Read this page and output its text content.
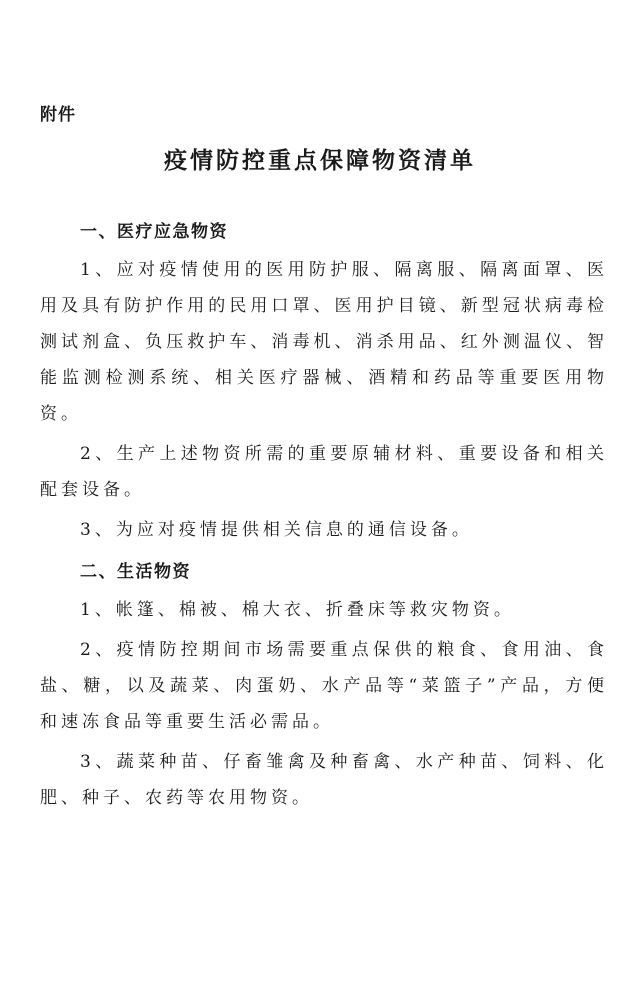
附件
疫情防控重点保障物资清单

一、医疗应急物资

1、应对疫情使用的医用防护服、隔离服、隔离面罩、医用及具有防护作用的民用口罩、医用护目镜、新型冠状病毒检测试剂盒、负压救护车、消毒机、消杀用品、红外测温仪、智能监测检测系统、相关医疗器械、酒精和药品等重要医用物资。

2、生产上述物资所需的重要原辅材料、重要设备和相关配套设备。

3、为应对疫情提供相关信息的通信设备。

二、生活物资

1、帐篷、棉被、棉大衣、折叠床等救灾物资。

2、疫情防控期间市场需要重点保供的粮食、食用油、食盐、糖，以及蔬菜、肉蛋奶、水产品等“菜篮子”产品，方便和速冻食品等重要生活必需品。

3、蔬菜种苗、仔畜雏禽及种畜禽、水产种苗、饲料、化肥、种子、农药等农用物资。
